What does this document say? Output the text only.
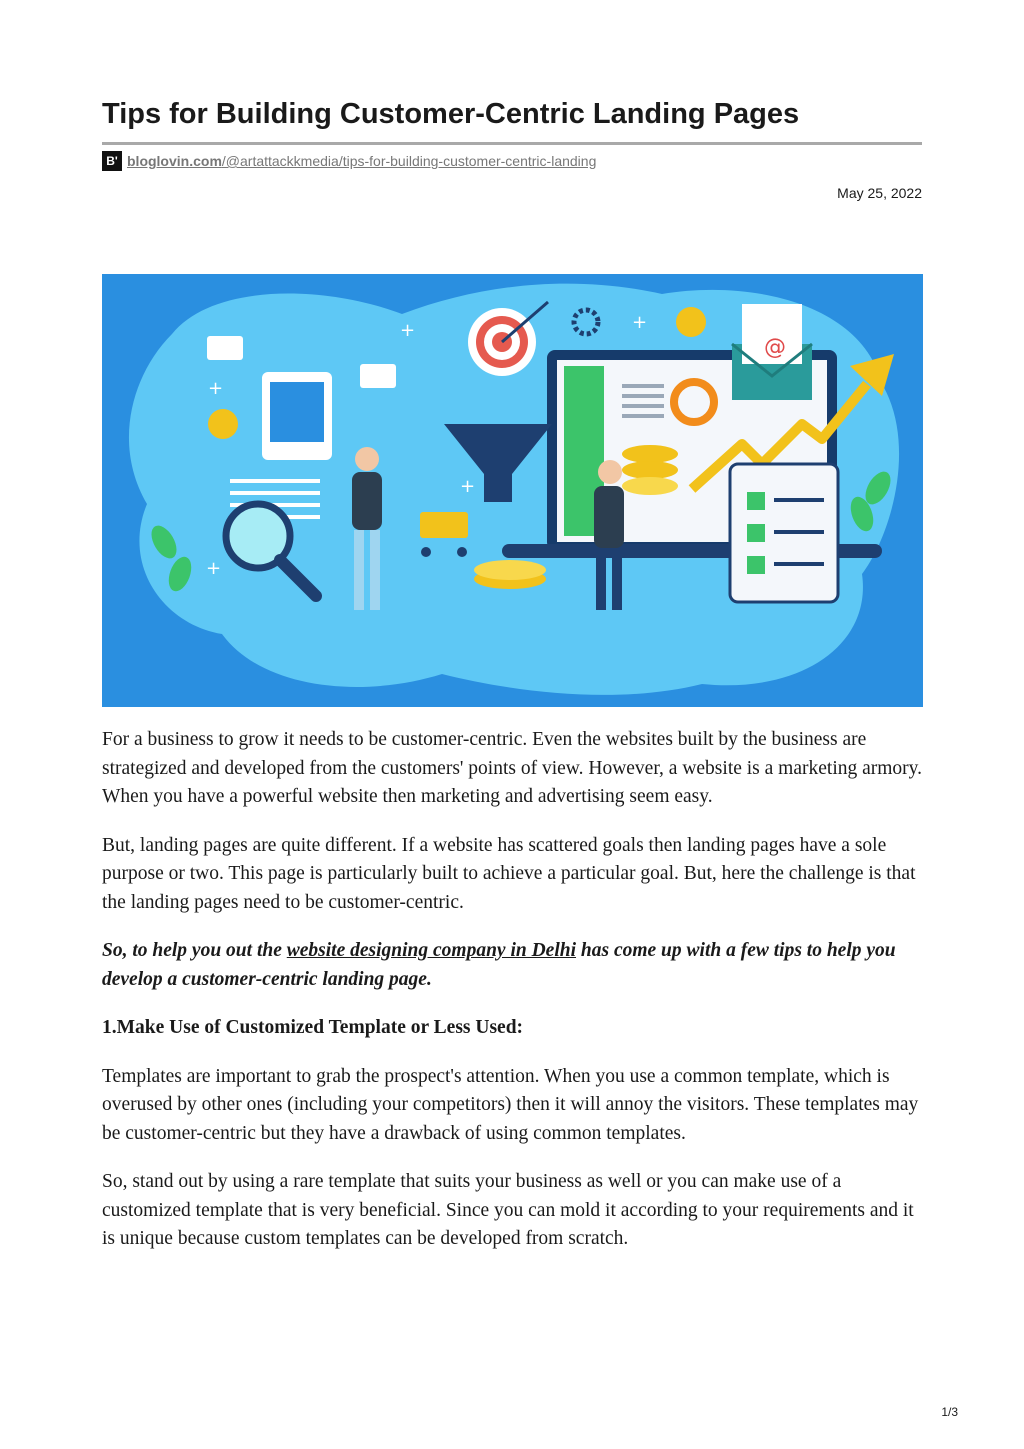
Tips for Building Customer-Centric Landing Pages
B' bloglovin.com/@artattackkmedia/tips-for-building-customer-centric-landing
May 25, 2022
@
+
+
+
+
+

For a business to grow it needs to be customer-centric. Even the websites built by the business are strategized and developed from the customers' points of view. However, a website is a marketing armory. When you have a powerful website then marketing and advertising seem easy.

But, landing pages are quite different. If a website has scattered goals then landing pages have a sole purpose or two. This page is particularly built to achieve a particular goal. But, here the challenge is that the landing pages need to be customer-centric.

So, to help you out the website designing company in Delhi has come up with a few tips to help you develop a customer-centric landing page.

1.Make Use of Customized Template or Less Used:

Templates are important to grab the prospect's attention. When you use a common template, which is overused by other ones (including your competitors) then it will annoy the visitors. These templates may be customer-centric but they have a drawback of using common templates.

So, stand out by using a rare template that suits your business as well or you can make use of a customized template that is very beneficial. Since you can mold it according to your requirements and it is unique because custom templates can be developed from scratch.

1/3
